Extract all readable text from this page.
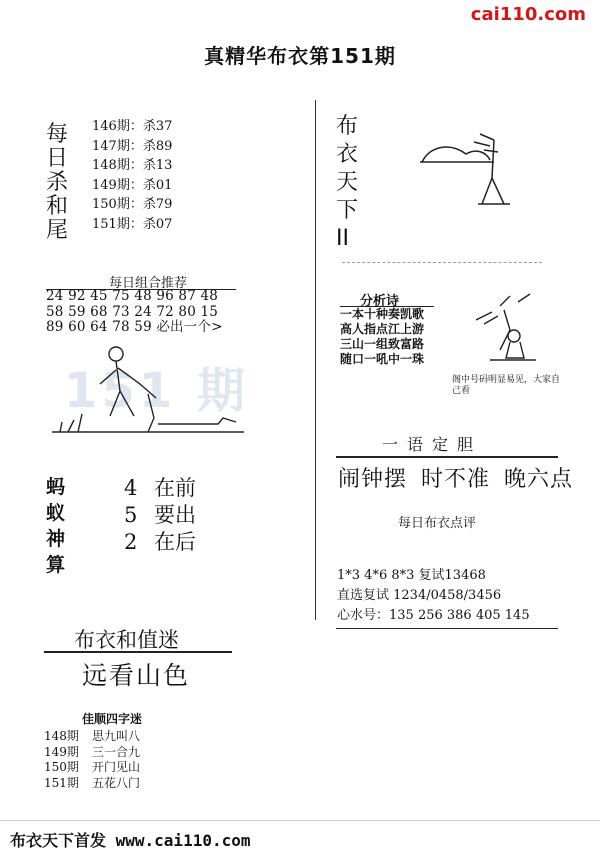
cai110.com
真精华布衣第151期
每日杀和尾
146期：杀37
147期：杀89
148期：杀13
149期：杀01
150期：杀79
151期：杀07
每日组合推荐
24 92 45 75 48 96 87 48
58 59 68 73 24 72 80 15
89 60 64 78 59 必出一个>
151 期
蚂蚁神算
4 在前
5 要出
2 在后
布衣和值迷
远看山色
佳顺四字迷
148期 思九叫八
149期 三一合九
150期 开门见山
151期 五花八门
布衣天下II
分析诗
一本十种奏凯歌
高人指点江上游
三山一组致富路
随口一吼中一珠
阁中号码明显易见，大家自己看
一语定胆
闹钟摆 时不准 晚六点
每日布衣点评
1*3 4*6 8*3 复试13468
直选复试 1234/0458/3456
心水号：135 256 386 405 145
布衣天下首发 www.cai110.com
